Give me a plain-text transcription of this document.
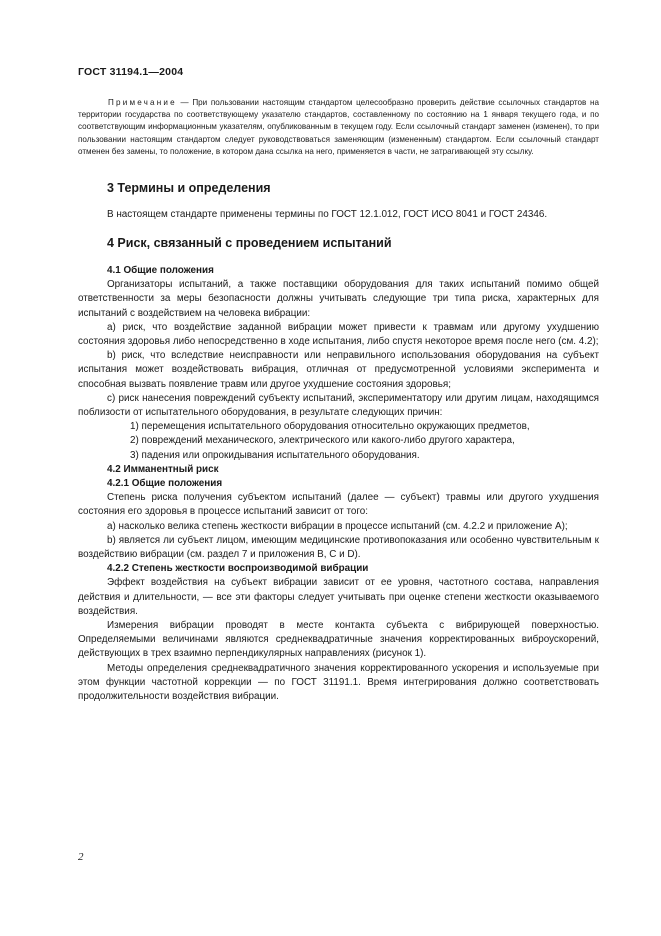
ГОСТ 31194.1—2004

Примечание — При пользовании настоящим стандартом целесообразно проверить действие ссылочных стандартов на территории государства по соответствующему указателю стандартов, составленному по состоянию на 1 января текущего года, и по соответствующим информационным указателям, опубликованным в текущем году. Если ссылочный стандарт заменен (изменен), то при пользовании настоящим стандартом следует руководствоваться заменяющим (измененным) стандартом. Если ссылочный стандарт отменен без замены, то положение, в котором дана ссылка на него, применяется в части, не затрагивающей эту ссылку.

3 Термины и определения

В настоящем стандарте применены термины по ГОСТ 12.1.012, ГОСТ ИСО 8041 и ГОСТ 24346.

4 Риск, связанный с проведением испытаний

4.1 Общие положения

Организаторы испытаний, а также поставщики оборудования для таких испытаний помимо общей ответственности за меры безопасности должны учитывать следующие три типа риска, характерных для испытаний с воздействием на человека вибрации:

a) риск, что воздействие заданной вибрации может привести к травмам или другому ухудшению состояния здоровья либо непосредственно в ходе испытания, либо спустя некоторое время после него (см. 4.2);

b) риск, что вследствие неисправности или неправильного использования оборудования на субъект испытания может воздействовать вибрация, отличная от предусмотренной условиями эксперимента и способная вызвать появление травм или другое ухудшение состояния здоровья;

c) риск нанесения повреждений субъекту испытаний, экспериментатору или другим лицам, находящимся поблизости от испытательного оборудования, в результате следующих причин:

1) перемещения испытательного оборудования относительно окружающих предметов,

2) повреждений механического, электрического или какого-либо другого характера,

3) падения или опрокидывания испытательного оборудования.

4.2 Имманентный риск

4.2.1 Общие положения

Степень риска получения субъектом испытаний (далее — субъект) травмы или другого ухудшения состояния его здоровья в процессе испытаний зависит от того:

a) насколько велика степень жесткости вибрации в процессе испытаний (см. 4.2.2 и приложение А);

b) является ли субъект лицом, имеющим медицинские противопоказания или особенно чувствительным к воздействию вибрации (см. раздел 7 и приложения В, С и D).

4.2.2 Степень жесткости воспроизводимой вибрации

Эффект воздействия на субъект вибрации зависит от ее уровня, частотного состава, направления действия и длительности, — все эти факторы следует учитывать при оценке степени жесткости оказываемого воздействия.

Измерения вибрации проводят в месте контакта субъекта с вибрирующей поверхностью. Определяемыми величинами являются среднеквадратичные значения корректированных виброускорений, действующих в трех взаимно перпендикулярных направлениях (рисунок 1).

Методы определения среднеквадратичного значения корректированного ускорения и используемые при этом функции частотной коррекции — по ГОСТ 31191.1. Время интегрирования должно соответствовать продолжительности воздействия вибрации.

2
